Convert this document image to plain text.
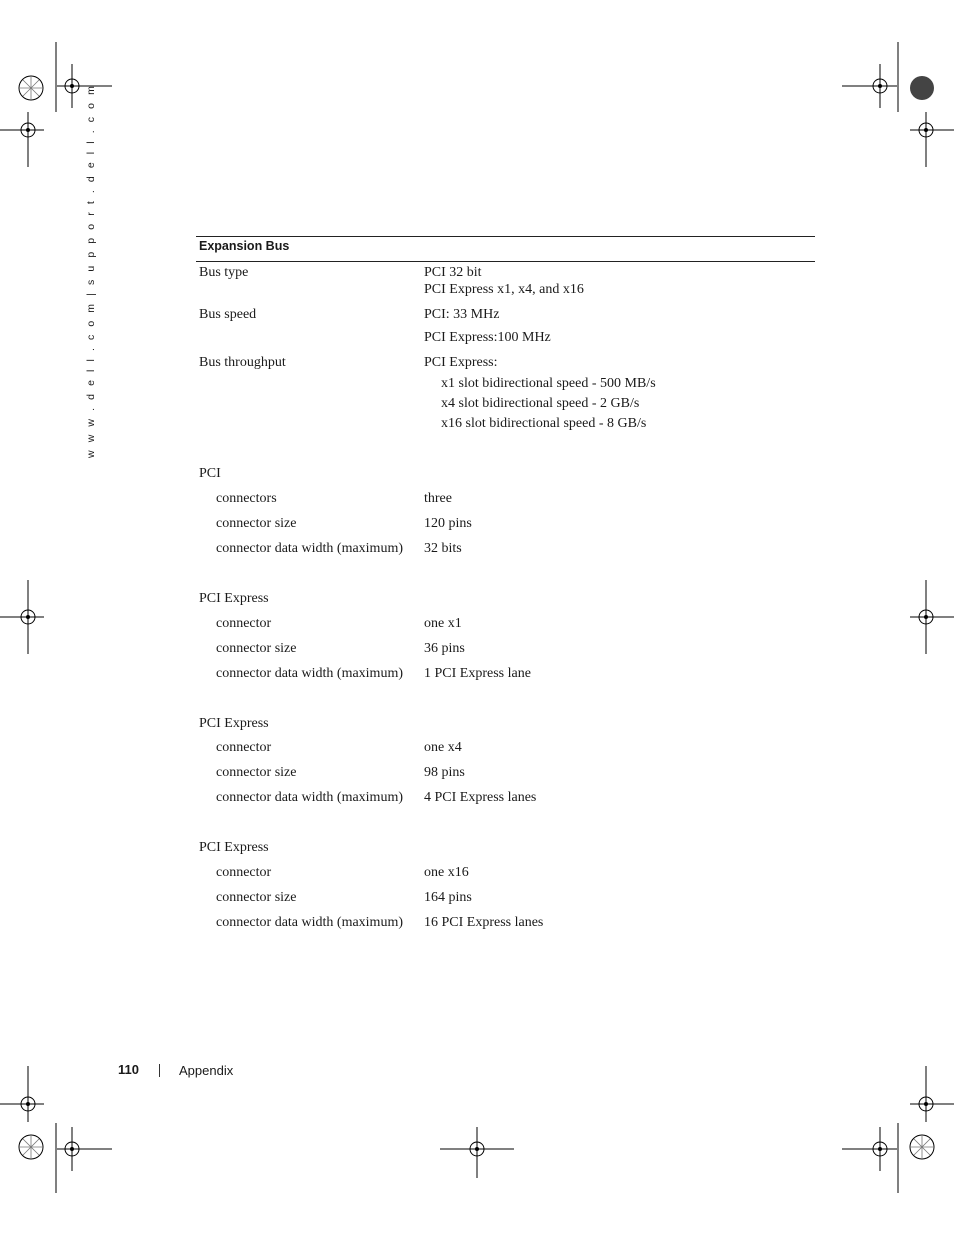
w w w . d e l l . c o m | s u p p o r t . d e l l . c o m	Expansion Bus
Bus type	PCI 32 bit
PCI Express x1, x4, and x16
Bus speed	PCI: 33 MHz
PCI Express:100 MHz
Bus throughput	PCI Express:
x1 slot bidirectional speed - 500 MB/s
x4 slot bidirectional speed - 2 GB/s
x16 slot bidirectional speed - 8 GB/s
PCI
connectors	three
connector size	120 pins
connector data width (maximum) 32 bits
PCI Express
connector	one x1
connector size	36 pins
connector data width (maximum) 1 PCI Express lane
PCI Express
connector	one x4
connector size	98 pins
connector data width (maximum) 4 PCI Express lanes
PCI Express
connector	one x16
connector size	164 pins
connector data width (maximum) 16 PCI Express lanes
110	Appendix
